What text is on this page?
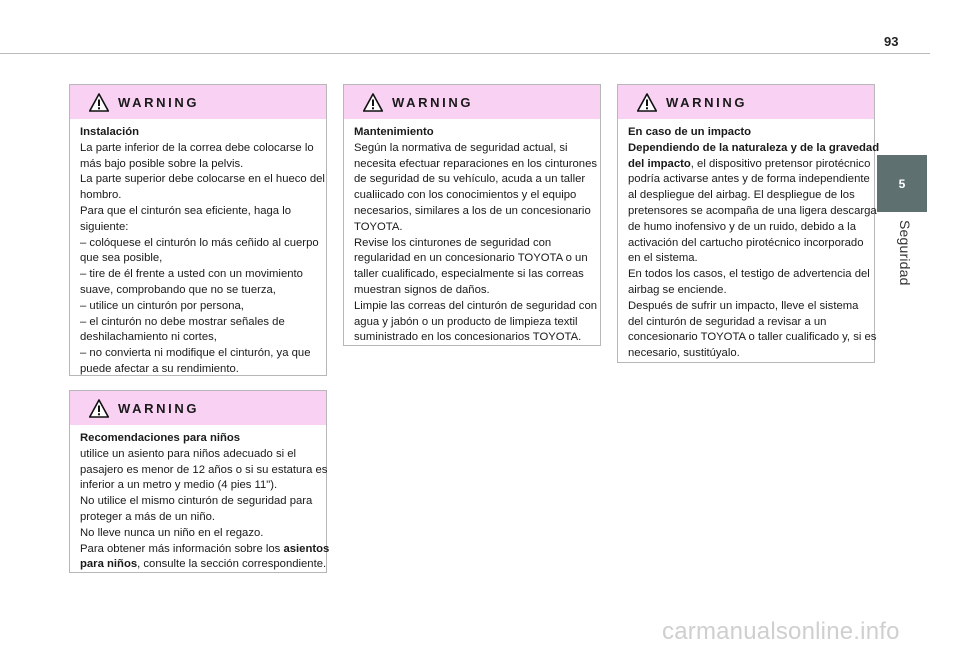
93
5
Seguridad
WARNING
Instalación
La parte inferior de la correa debe colocarse lo
más bajo posible sobre la pelvis.
La parte superior debe colocarse en el hueco del
hombro.
Para que el cinturón sea eficiente, haga lo
siguiente:
– colóquese el cinturón lo más ceñido al cuerpo
que sea posible,
– tire de él frente a usted con un movimiento
suave, comprobando que no se tuerza,
– utilice un cinturón por persona,
– el cinturón no debe mostrar señales de
deshilachamiento ni cortes,
– no convierta ni modifique el cinturón, ya que
puede afectar a su rendimiento.
WARNING
Recomendaciones para niños
utilice un asiento para niños adecuado si el
pasajero es menor de 12 años o si su estatura es
inferior a un metro y medio (4 pies 11").
No utilice el mismo cinturón de seguridad para
proteger a más de un niño.
No lleve nunca un niño en el regazo.
Para obtener más información sobre los asientos
para niños, consulte la sección correspondiente.
WARNING
Mantenimiento
Según la normativa de seguridad actual, si
necesita efectuar reparaciones en los cinturones
de seguridad de su vehículo, acuda a un taller
cualiicado con los conocimientos y el equipo
necesarios, similares a los de un concesionario
TOYOTA.
Revise los cinturones de seguridad con
regularidad en un concesionario TOYOTA o un
taller cualificado, especialmente si las correas
muestran signos de daños.
Limpie las correas del cinturón de seguridad con
agua y jabón o un producto de limpieza textil
suministrado en los concesionarios TOYOTA.
WARNING
En caso de un impacto
Dependiendo de la naturaleza y de la gravedad
del impacto, el dispositivo pretensor pirotécnico
podría activarse antes y de forma independiente
al despliegue del airbag. El despliegue de los
pretensores se acompaña de una ligera descarga
de humo inofensivo y de un ruido, debido a la
activación del cartucho pirotécnico incorporado
en el sistema.
En todos los casos, el testigo de advertencia del
airbag se enciende.
Después de sufrir un impacto, lleve el sistema
del cinturón de seguridad a revisar a un
concesionario TOYOTA o taller cualificado y, si es
necesario, sustitúyalo.
carmanualsonline.info
